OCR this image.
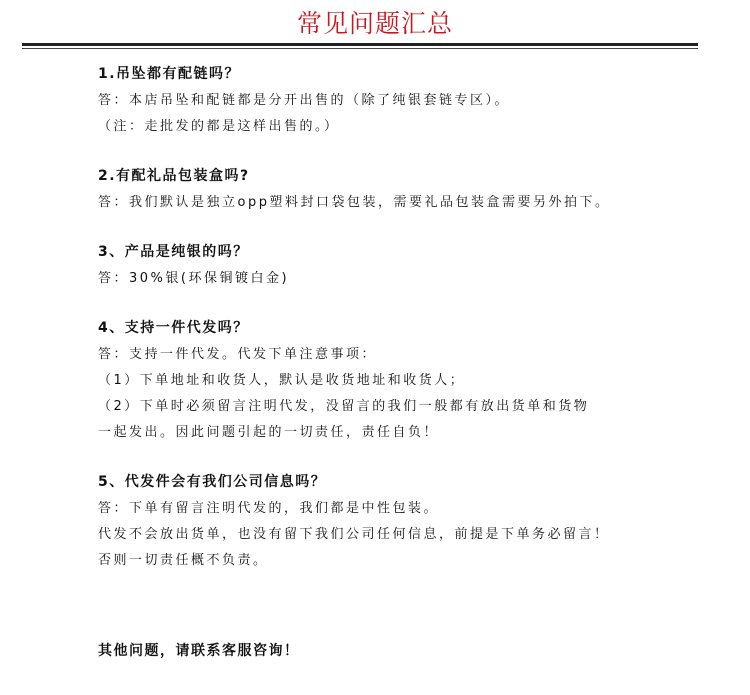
常见问题汇总
1.吊坠都有配链吗？
答：本店吊坠和配链都是分开出售的（除了纯银套链专区）。
（注：走批发的都是这样出售的。）
2.有配礼品包装盒吗?
答：我们默认是独立opp塑料封口袋包装，需要礼品包装盒需要另外拍下。
3、产品是纯银的吗？
答：30%银(环保铜镀白金)
4、支持一件代发吗？
答：支持一件代发。代发下单注意事项：
（1）下单地址和收货人，默认是收货地址和收货人；
（2）下单时必须留言注明代发，没留言的我们一般都有放出货单和货物
一起发出。因此问题引起的一切责任，责任自负！
5、代发件会有我们公司信息吗？
答：下单有留言注明代发的，我们都是中性包装。
代发不会放出货单，也没有留下我们公司任何信息，前提是下单务必留言！
否则一切责任概不负责。
其他问题，请联系客服咨询！
